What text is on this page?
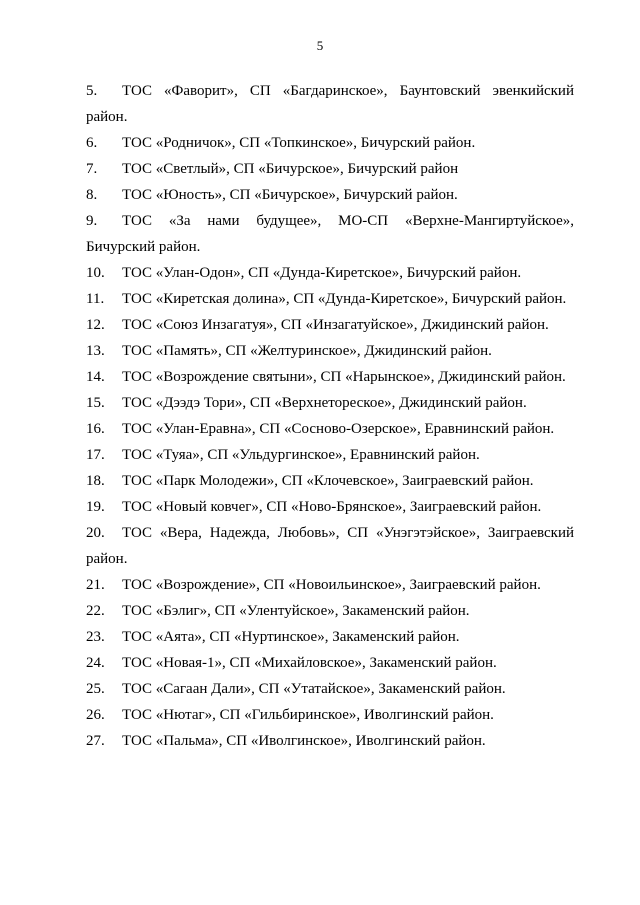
5
5. ТОС «Фаворит», СП «Багдаринское», Баунтовский эвенкийский район.
6. ТОС «Родничок», СП «Топкинское», Бичурский район.
7. ТОС «Светлый», СП «Бичурское», Бичурский район
8. ТОС «Юность», СП «Бичурское», Бичурский район.
9. ТОС «За нами будущее», МО-СП «Верхне-Мангиртуйское», Бичурский район.
10. ТОС «Улан-Одон», СП «Дунда-Киретское», Бичурский район.
11. ТОС «Киретская долина», СП «Дунда-Киретское», Бичурский район.
12. ТОС «Союз Инзагатуя», СП «Инзагатуйское», Джидинский район.
13. ТОС «Память», СП «Желтуринское», Джидинский район.
14. ТОС «Возрождение святыни», СП «Нарынское», Джидинский район.
15. ТОС «Дээдэ Тори», СП «Верхнетореское», Джидинский район.
16. ТОС «Улан-Еравна», СП «Сосново-Озерское», Еравнинский район.
17. ТОС «Туяа», СП «Ульдургинское», Еравнинский район.
18. ТОС «Парк Молодежи», СП «Клочевское», Заиграевский район.
19. ТОС «Новый ковчег», СП «Ново-Брянское», Заиграевский район.
20. ТОС «Вера, Надежда, Любовь», СП «Унэгэтэйское», Заиграевский район.
21. ТОС «Возрождение», СП «Новоильинское», Заиграевский район.
22. ТОС «Бэлиг», СП «Улентуйское», Закаменский район.
23. ТОС «Аята», СП «Нуртинское», Закаменский район.
24. ТОС «Новая-1», СП «Михайловское», Закаменский район.
25. ТОС «Сагаан Дали», СП «Утатайское», Закаменский район.
26. ТОС «Нютаг», СП «Гильбиринское», Иволгинский район.
27. ТОС «Пальма», СП «Иволгинское», Иволгинский район.
